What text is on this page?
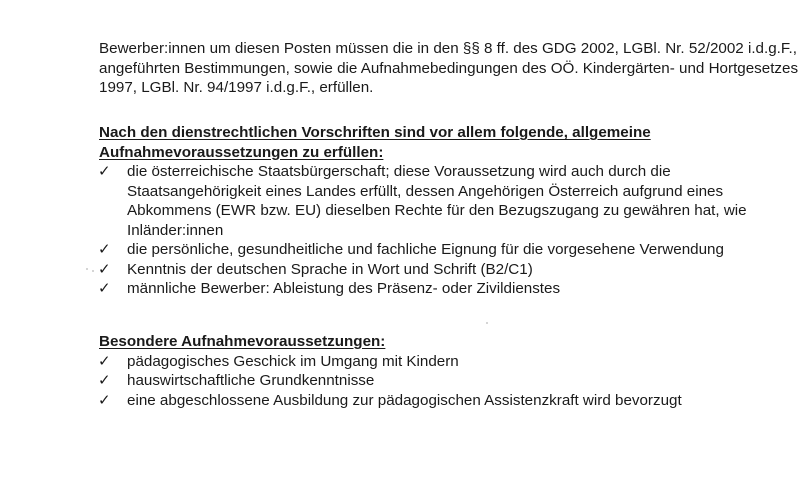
Bewerber:innen um diesen Posten müssen die in den §§ 8 ff. des GDG 2002, LGBl. Nr. 52/2002 i.d.g.F., angeführten Bestimmungen, sowie die Aufnahmebedingungen des OÖ. Kindergärten- und Hortgesetzes 1997, LGBl. Nr. 94/1997 i.d.g.F., erfüllen.

Nach den dienstrechtlichen Vorschriften sind vor allem folgende, allgemeine Aufnahmevoraussetzungen zu erfüllen:
✓ die österreichische Staatsbürgerschaft; diese Voraussetzung wird auch durch die Staatsangehörigkeit eines Landes erfüllt, dessen Angehörigen Österreich aufgrund eines Abkommens (EWR bzw. EU) dieselben Rechte für den Bezugszugang zu gewähren hat, wie Inländer:innen
✓ die persönliche, gesundheitliche und fachliche Eignung für die vorgesehene Verwendung
✓ Kenntnis der deutschen Sprache in Wort und Schrift (B2/C1)
✓ männliche Bewerber: Ableistung des Präsenz- oder Zivildienstes
Besondere Aufnahmevoraussetzungen:
✓ pädagogisches Geschick im Umgang mit Kindern
✓ hauswirtschaftliche Grundkenntnisse
✓ eine abgeschlossene Ausbildung zur pädagogischen Assistenzkraft wird bevorzugt
